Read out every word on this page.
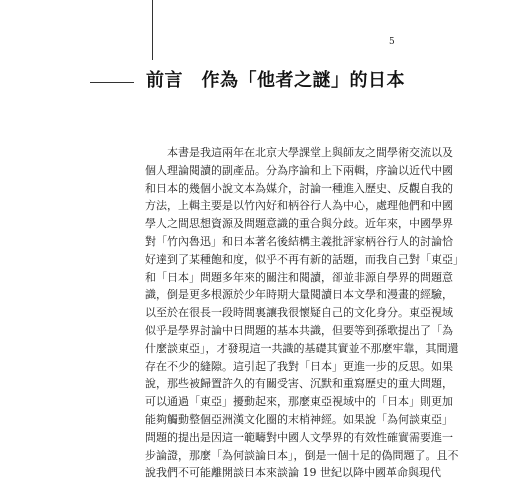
5
前言　作為「他者之謎」的日本
本書是我這兩年在北京大學課堂上與師友之間學術交流以及
個人理論閱讀的副產品。分為序論和上下兩輯，序論以近代中國
和日本的幾個小說文本為媒介，討論一種進入歷史、反觀自我的
方法，上輯主要是以竹內好和柄谷行人為中心，處理他們和中國
學人之間思想資源及問題意識的重合與分歧。近年來，中國學界
對「竹內魯迅」和日本著名後結構主義批評家柄谷行人的討論恰
好達到了某種飽和度，似乎不再有新的話題，而我自己對「東亞」
和「日本」問題多年來的關注和閱讀，卻並非源自學界的問題意
識，倒是更多根源於少年時期大量閱讀日本文學和漫畫的經驗，
以至於在很長一段時間裏讓我很懷疑自己的文化身分。東亞視域
似乎是學界討論中日問題的基本共識，但要等到孫歌提出了「為
什麼談東亞」，才發現這一共識的基礎其實並不那麼牢靠，其間還
存在不少的縫隙。這引起了我對「日本」更進一步的反思。如果
說，那些被歸置許久的有關受害、沉默和重寫歷史的重大問題，
可以通過「東亞」擾動起來，那麼東亞視域中的「日本」則更加
能夠觸動整個亞洲漢文化圈的末梢神經。如果說「為何談東亞」
問題的提出是因這一範疇對中國人文學界的有效性確實需要進一
步論證，那麼「為何談論日本」，倒是一個十足的偽問題了。且不
說我們不可能離開談日本來談論 19 世紀以降中國革命與現代
